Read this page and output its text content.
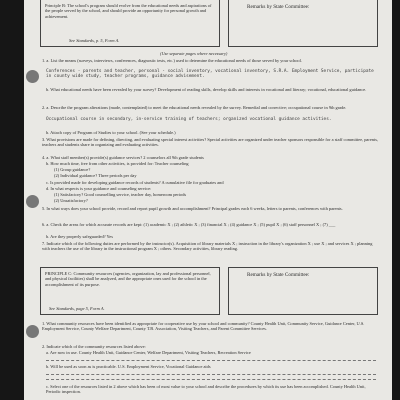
Principle B: The school's program should evolve from the educational needs and aspirations of the people served by the school, and should provide an opportunity for personal growth and achievement.
See Standards, p. 5, Form A.
Remarks by State Committee:
(Use separate pages where necessary)
1. a. List the means (surveys, interviews, conferences, diagnostic tests, etc.) used to determine the educational needs of those served by your school.
Conferences - parents and teacher, personal - social inventory, vocational inventory, S.R.A. Employment Service, participate in county wide study, teacher programs, guidance advisement.
b. What educational needs have been revealed by your survey? Development of reading skills, develop skills and interests in vocational and literary; vocational, educational guidance.
2. a. Describe the program alterations (made, contemplated) to meet the educational needs revealed by the survey. Remedial and corrective; occupational course in 9th grade.
Occupational course in secondary, in-service training of teachers; organized vocational guidance activities.
b. Attach copy of Program of Studies to your school. (See your schedule.)
3. What provisions are made for defining, directing, and evaluating special interest activities? Special activities are organized under teacher sponsors responsible for a staff committee, parents, teachers and students share in organizing and evaluating activities.
4. a. What staff member(s) provide(s) guidance services? 2 counselors all 9th grade students
b. How much time, free from other activities, is provided for: Teacher counseling
(1) Group guidance?
(2) Individual guidance? Three periods per day
c. Is provided made for developing guidance records of students? A cumulative file for graduates and
d. In what respects is your guidance and counseling service:
(1) Satisfactory? Good counselling service, teacher day, homeroom periods
(2) Unsatisfactory?
5. In what ways does your school provide, record and report pupil growth and accomplishment? Principal grades each 6 weeks, letters to parents, conferences with parents.
6. a. Check the areas for which accurate records are kept: (1) academic X ; (2) athletic X ; (3) financial X ; (4) guidance X ; (5) pupil X ; (6) staff personnel X ; (7) ___
b. Are they properly safeguarded? Yes
7. Indicate which of the following duties are performed by the instructor(s). Acquisition of library materials X ; instruction in the library's organization X ; use X ; and services X ; planning with teachers the use of the library in the instructional program X ; others. Secondary activities, library reading.
PRINCIPLE C: Community resources (agencies, organization, lay and professional personnel, and physical facilities) shall be analyzed, and the appropriate ones used for the school in the accomplishment of its purpose.
See Standards, page 5, Form A.
Remarks by State Committee:
1. What community resources have been identified as appropriate for cooperative use by your school and community? County Health Unit, Community Service, Guidance Center, U.S. Employment Service, County Welfare Department, County T.B. Association, Visiting Teachers, and Parent Committee Services.
2. Indicate which of the community resources listed above:
a. Are now in use. County Health Unit, Guidance Center, Welfare Department, Visiting Teachers, Recreation Service
b. Will be used as soon as is practicable. U.S. Employment Service, Vocational Guidance aids
c. Select one of the resources listed in 2 above which has been of most value to your school and describe the procedures by which its use has been accomplished. County Health Unit, Periodic inspection.
